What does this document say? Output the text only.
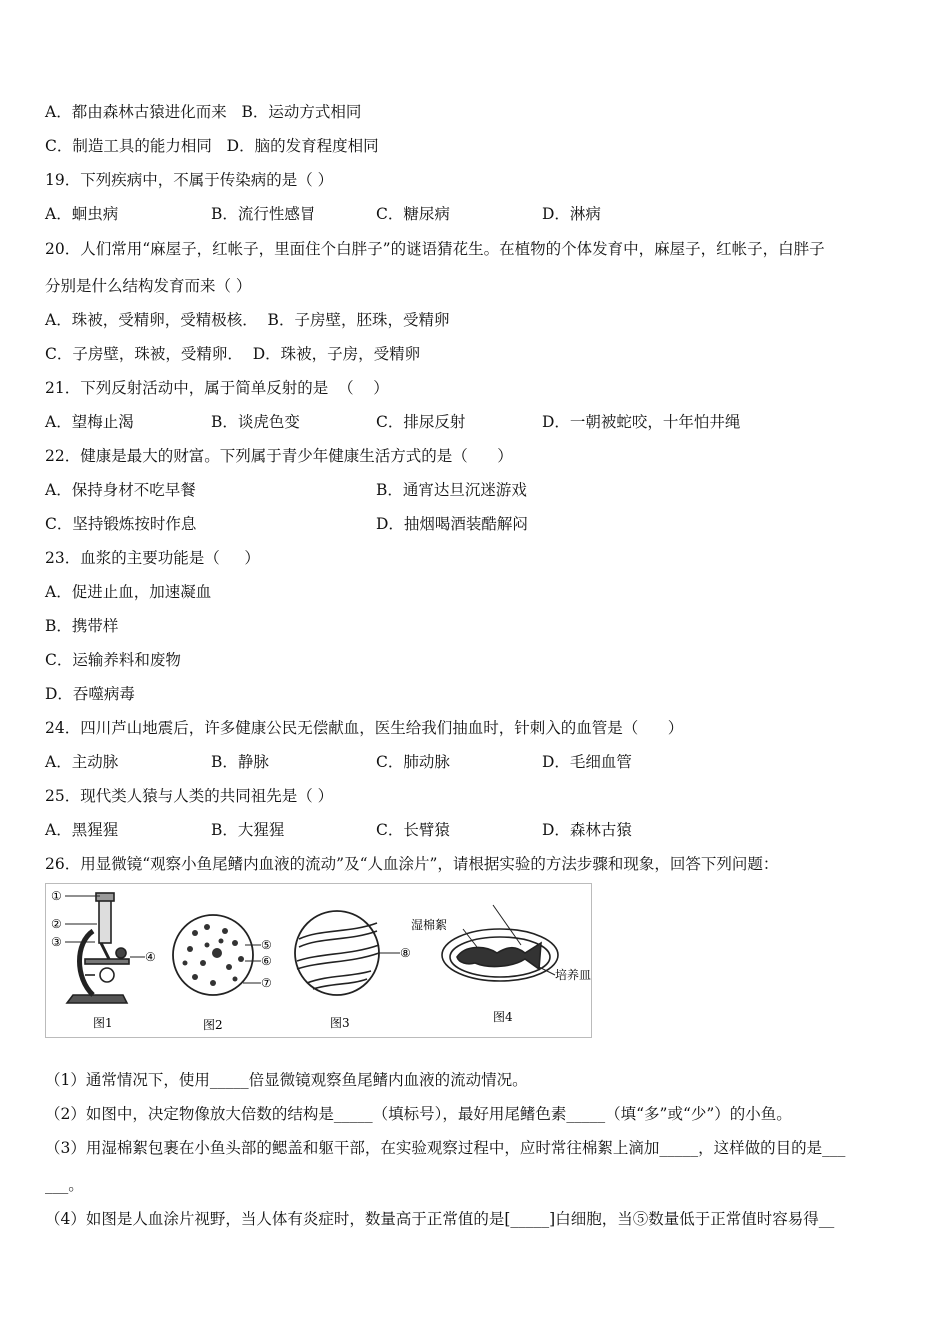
A．都由森林古猿进化而来   B．运动方式相同
C．制造工具的能力相同   D．脑的发育程度相同
19．下列疾病中，不属于传染病的是（ ）
A．蛔虫病	B．流行性感冒	C．糖尿病	D．淋病
20．人们常用“麻屋子，红帐子，里面住个白胖子”的谜语猜花生。在植物的个体发育中，麻屋子，红帐子，白胖子
分别是什么结构发育而来（ ）
A．珠被，受精卵，受精极核．  B．子房壁，胚珠，受精卵
C．子房壁，珠被，受精卵．  D．珠被，子房，受精卵
21．下列反射活动中，属于简单反射的是  （    ）
A．望梅止渴	B．谈虎色变	C．排尿反射	D．一朝被蛇咬，十年怕井绳
22．健康是最大的财富。下列属于青少年健康生活方式的是（      ）
A．保持身材不吃早餐	B．通宵达旦沉迷游戏
C．坚持锻炼按时作息	D．抽烟喝酒装酷解闷
23．血浆的主要功能是（     ）
A．促进止血，加速凝血
B．携带样
C．运输养料和废物
D．吞噬病毒
24．四川芦山地震后，许多健康公民无偿献血，医生给我们抽血时，针刺入的血管是（      ）
A．主动脉	B．静脉	C．肺动脉	D．毛细血管
25．现代类人猿与人类的共同祖先是（ ）
A．黑猩猩	B．大猩猩	C．长臂猿	D．森林古猿
26．用显微镜“观察小鱼尾鳍内血液的流动”及“人血涂片”，请根据实验的方法步骤和现象，回答下列问题：
①
②
③
④
图1
⑤
⑥
⑦
图2
⑧
图3
湿棉絮
培养皿
图4
（1）通常情况下，使用_____倍显微镜观察鱼尾鳍内血液的流动情况。
（2）如图中，决定物像放大倍数的结构是_____（填标号），最好用尾鳍色素_____（填“多”或“少”）的小鱼。
（3）用湿棉絮包裹在小鱼头部的鳃盖和躯干部，在实验观察过程中，应时常往棉絮上滴加_____，这样做的目的是___
___。
（4）如图是人血涂片视野，当人体有炎症时，数量高于正常值的是[_____]白细胞，当⑤数量低于正常值时容易得__
